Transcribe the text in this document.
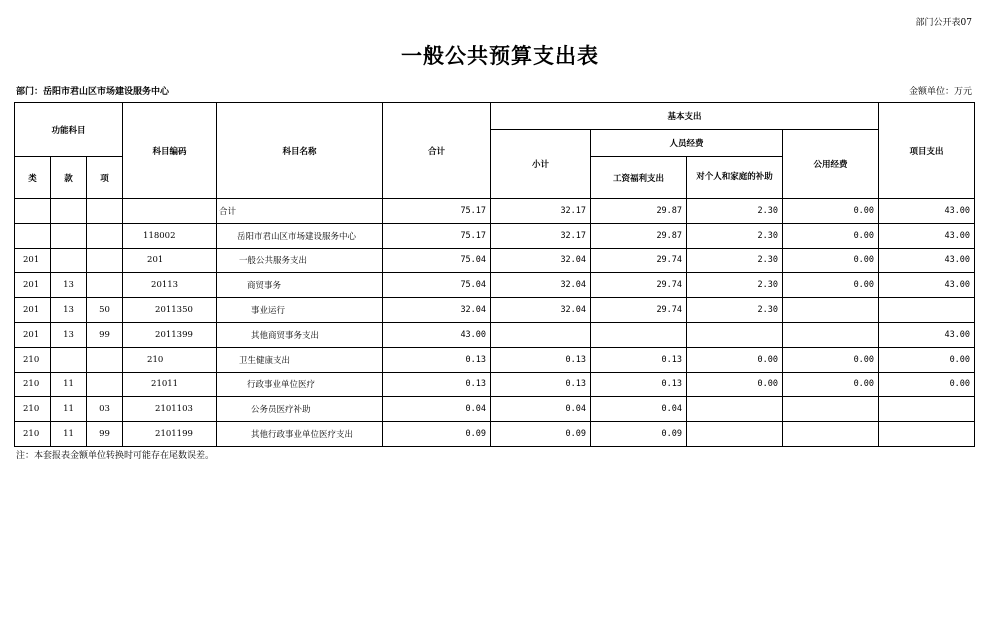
部门公开表07
一般公共预算支出表
部门：岳阳市君山区市场建设服务中心	金额单位：万元
功能科目			科目编码	科目名称	合计	基本支出				项目支出
						小计	人员经费		公用经费	
类	款	项					工资福利支出	对个人和家庭的补助		
				合计	75.17	32.17	29.87	2.30	0.00	43.00
			118002	岳阳市君山区市场建设服务中心	75.17	32.17	29.87	2.30	0.00	43.00
201			201	一般公共服务支出	75.04	32.04	29.74	2.30	0.00	43.00
201	13		20113	商贸事务	75.04	32.04	29.74	2.30	0.00	43.00
201	13	50	2011350	事业运行	32.04	32.04	29.74	2.30		
201	13	99	2011399	其他商贸事务支出	43.00					43.00
210			210	卫生健康支出	0.13	0.13	0.13	0.00	0.00	0.00
210	11		21011	行政事业单位医疗	0.13	0.13	0.13	0.00	0.00	0.00
210	11	03	2101103	公务员医疗补助	0.04	0.04	0.04			
210	11	99	2101199	其他行政事业单位医疗支出	0.09	0.09	0.09			
注：本套报表金额单位转换时可能存在尾数误差。
